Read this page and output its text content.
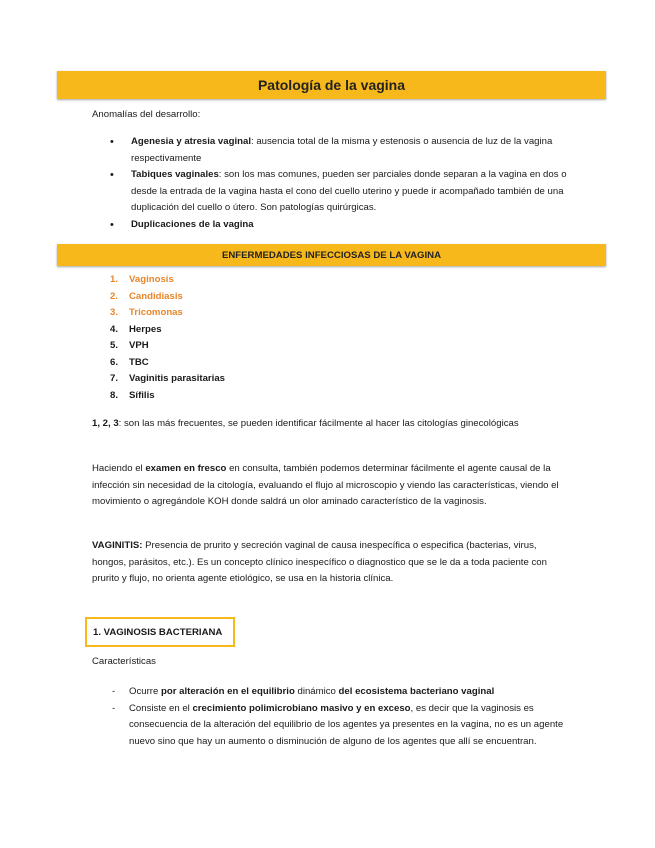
Patología de la vagina
Anomalías del desarrollo:
• Agenesia y atresia vaginal: ausencia total de la misma y estenosis o ausencia de luz de la vagina respectivamente
• Tabiques vaginales: son los mas comunes, pueden ser parciales donde separan a la vagina en dos o desde la entrada de la vagina hasta el cono del cuello uterino y puede ir acompañado también de una duplicación del cuello o útero. Son patologías quirúrgicas.
• Duplicaciones de la vagina
ENFERMEDADES INFECCIOSAS DE LA VAGINA
1.	Vaginosis
2.	Candidiasis
3.	Tricomonas
4.	Herpes
5.	VPH
6.	TBC
7.	Vaginitis parasitarias
8.	Sífilis
1, 2, 3: son las más frecuentes, se pueden identificar fácilmente al hacer las citologías ginecológicas
Haciendo el examen en fresco en consulta, también podemos determinar fácilmente el agente causal de la infección sin necesidad de la citología, evaluando el flujo al microscopio y viendo las características, viendo el movimiento o agregándole KOH donde saldrá un olor aminado característico de la vaginosis.
VAGINITIS: Presencia de prurito y secreción vaginal de causa inespecífica o especifica (bacterias, virus, hongos, parásitos, etc.). Es un concepto clínico inespecífico o diagnostico que se le da a toda paciente con prurito y flujo, no orienta agente etiológico, se usa en la historia clínica.
1. VAGINOSIS BACTERIANA
Características
- Ocurre por alteración en el equilibrio dinámico del ecosistema bacteriano vaginal
- Consiste en el crecimiento polimicrobiano masivo y en exceso, es decir que la vaginosis es consecuencia de la alteración del equilibrio de los agentes ya presentes en la vagina, no es un agente nuevo sino que hay un aumento o disminución de alguno de los agentes que allí se encuentran.
